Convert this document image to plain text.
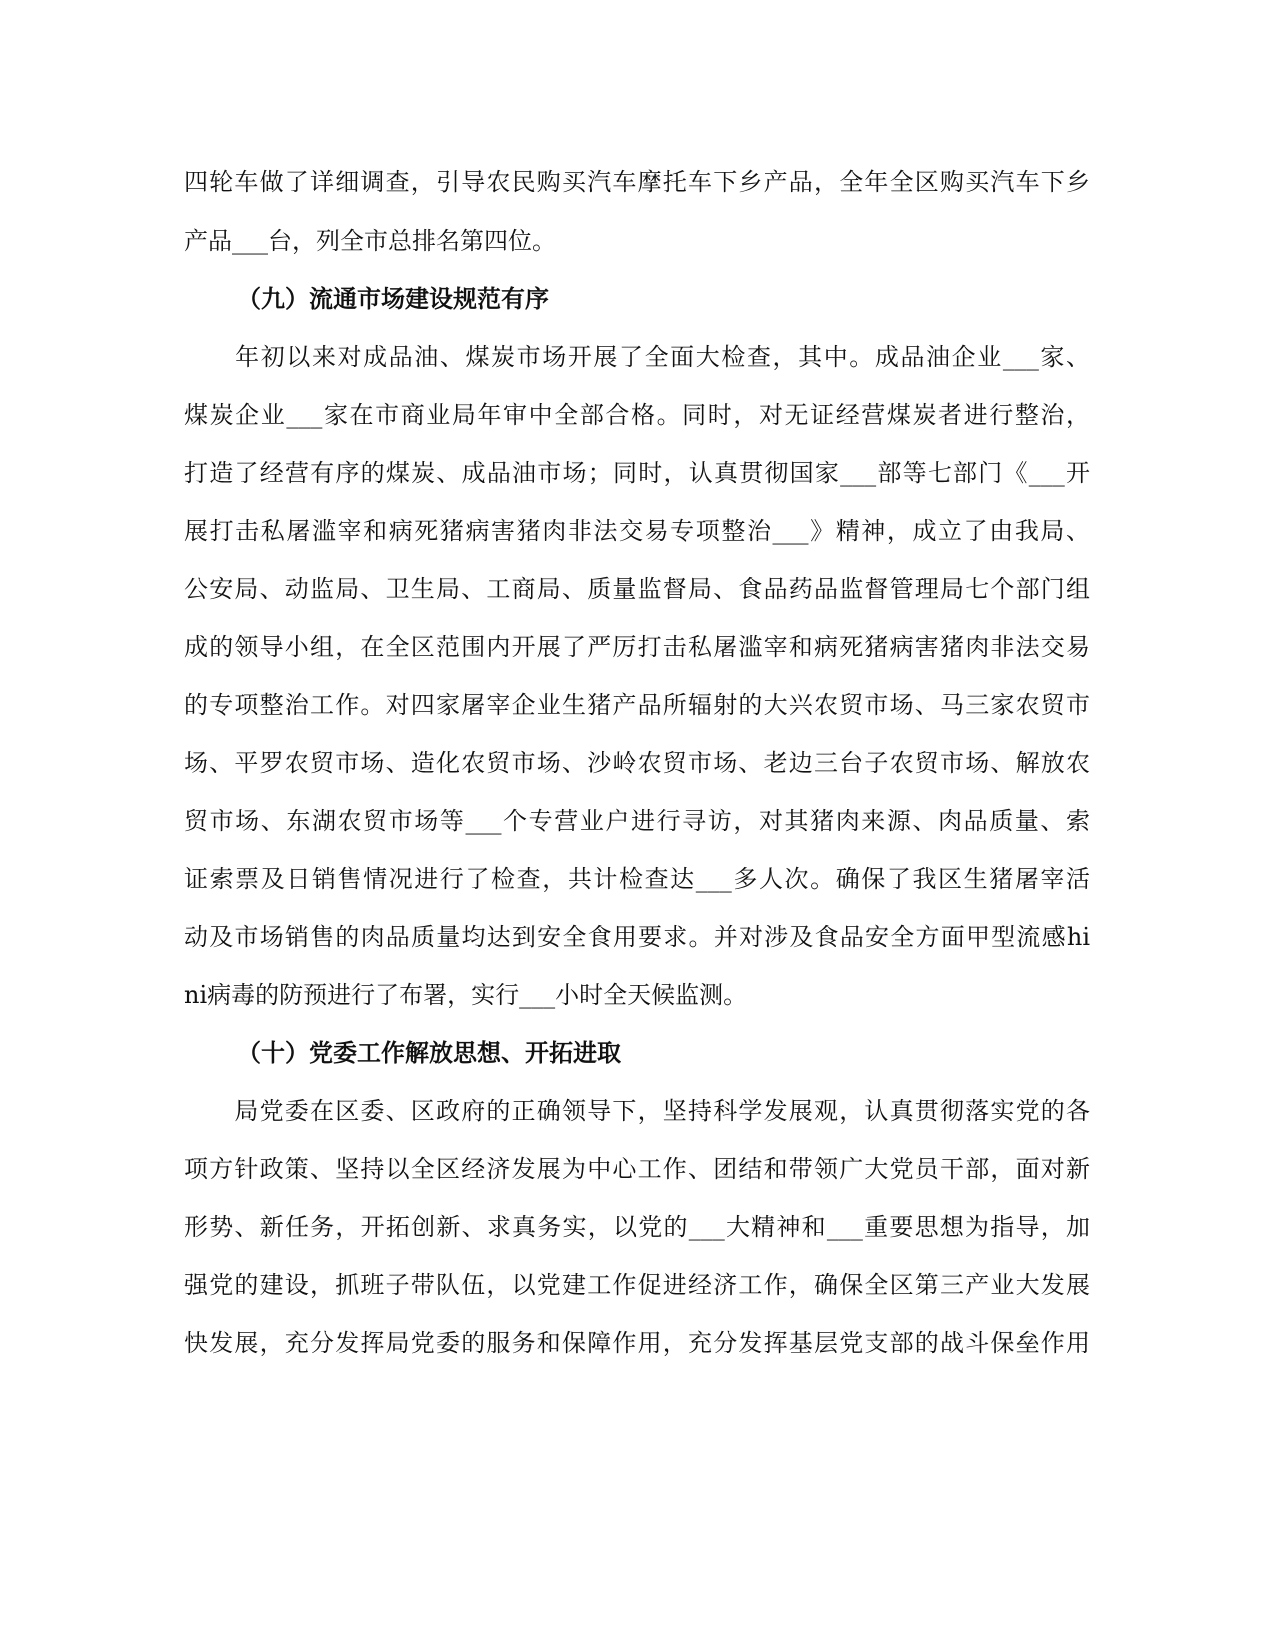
四轮车做了详细调查，引导农民购买汽车摩托车下乡产品，全年全区购买汽车下乡
产品___台，列全市总排名第四位。
（九）流通市场建设规范有序
　　年初以来对成品油、煤炭市场开展了全面大检查，其中。成品油企业___家、
煤炭企业___家在市商业局年审中全部合格。同时，对无证经营煤炭者进行整治，
打造了经营有序的煤炭、成品油市场；同时，认真贯彻国家___部等七部门《___开
展打击私屠滥宰和病死猪病害猪肉非法交易专项整治___》精神，成立了由我局、
公安局、动监局、卫生局、工商局、质量监督局、食品药品监督管理局七个部门组
成的领导小组，在全区范围内开展了严厉打击私屠滥宰和病死猪病害猪肉非法交易
的专项整治工作。对四家屠宰企业生猪产品所辐射的大兴农贸市场、马三家农贸市
场、平罗农贸市场、造化农贸市场、沙岭农贸市场、老边三台子农贸市场、解放农
贸市场、东湖农贸市场等___个专营业户进行寻访，对其猪肉来源、肉品质量、索
证索票及日销售情况进行了检查，共计检查达___多人次。确保了我区生猪屠宰活
动及市场销售的肉品质量均达到安全食用要求。并对涉及食品安全方面甲型流感hi
ni病毒的防预进行了布署，实行___小时全天候监测。
（十）党委工作解放思想、开拓进取
　　局党委在区委、区政府的正确领导下，坚持科学发展观，认真贯彻落实党的各
项方针政策、坚持以全区经济发展为中心工作、团结和带领广大党员干部，面对新
形势、新任务，开拓创新、求真务实，以党的___大精神和___重要思想为指导，加
强党的建设，抓班子带队伍，以党建工作促进经济工作，确保全区第三产业大发展
快发展，充分发挥局党委的服务和保障作用，充分发挥基层党支部的战斗保垒作用
